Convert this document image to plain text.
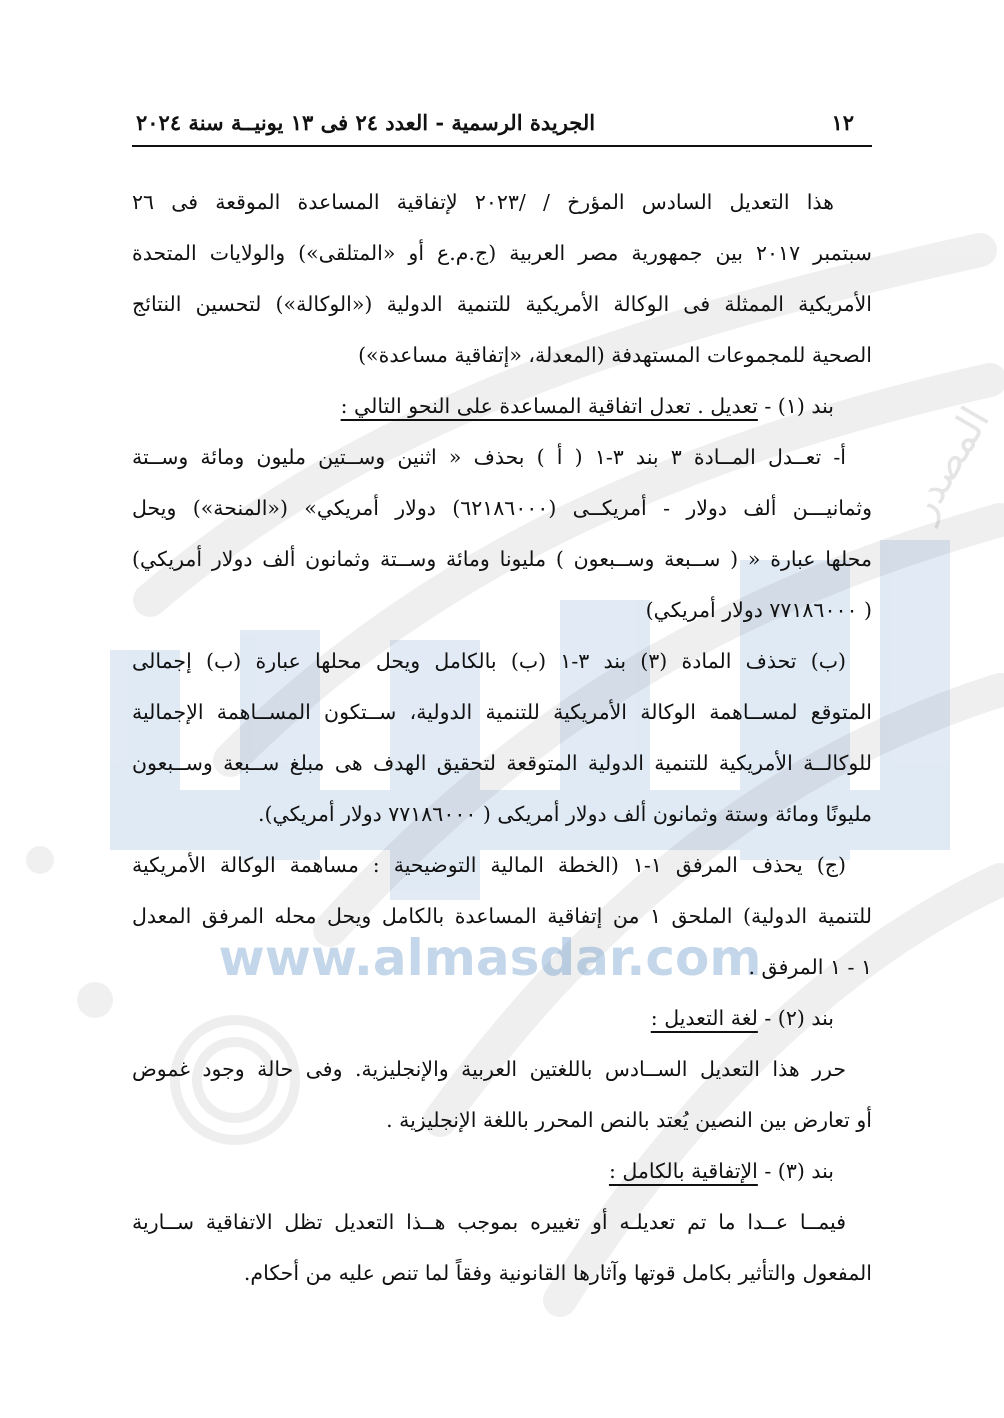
www.almasdar.com
المصدر
١٢
الجريدة الرسمية - العدد ٢٤ فى ١٣ يونيــة سنة ٢٠٢٤
هذا التعديل السادس المؤرخ / /٢٠٢٣ لإتفاقية المساعدة الموقعة فى ٢٦
سبتمبر ٢٠١٧ بين جمهورية مصر العربية (ج.م.ع أو «المتلقى») والولايات المتحدة
الأمريكية الممثلة فى الوكالة الأمريكية للتنمية الدولية («الوكالة») لتحسين النتائج
الصحية للمجموعات المستهدفة (المعدلة، «إتفاقية مساعدة»)
بند (١) - تعديل . تعدل اتفاقية المساعدة على النحو التالي :
أ- تعــدل المــادة ٣ بند ٣-١ ( أ ) بحذف « اثنين وســتين مليون ومائة وســتة
وثمانيـــن ألف دولار - أمريكــى (٦٢١٨٦٠٠٠) دولار أمريكي» («المنحة») ويحل
محلها عبارة « ( ســبعة وســبعون ) مليونا ومائة وســتة وثمانون ألف دولار أمريكي)
( ٧٧١٨٦٠٠٠ دولار أمريكي)
(ب) تحذف المادة (٣) بند ٣-١ (ب) بالكامل ويحل محلها عبارة (ب) إجمالى
المتوقع لمســاهمة الوكالة الأمريكية للتنمية الدولية، ســتكون المســاهمة الإجمالية
للوكالــة الأمريكية للتنمية الدولية المتوقعة لتحقيق الهدف هى مبلغ ســبعة وســبعون
مليونًا ومائة وستة وثمانون ألف دولار أمريكى ( ٧٧١٨٦٠٠٠ دولار أمريكي).
(ج) يحذف المرفق ١-١ (الخطة المالية التوضيحية : مساهمة الوكالة الأمريكية
للتنمية الدولية) الملحق ١ من إتفاقية المساعدة بالكامل ويحل محله المرفق المعدل
١ - ١ المرفق .
بند (٢) - لغة التعديل :
حرر هذا التعديل الســادس باللغتين العربية والإنجليزية. وفى حالة وجود غموض
أو تعارض بين النصين يُعتد بالنص المحرر باللغة الإنجليزية .
بند (٣) - الإتفاقية بالكامل :
فيمــا عــدا ما تم تعديلـه أو تغييره بموجب هــذا التعديل تظل الاتفاقية ســارية
المفعول والتأثير بكامل قوتها وآثارها القانونية وفقاً لما تنص عليه من أحكام.
